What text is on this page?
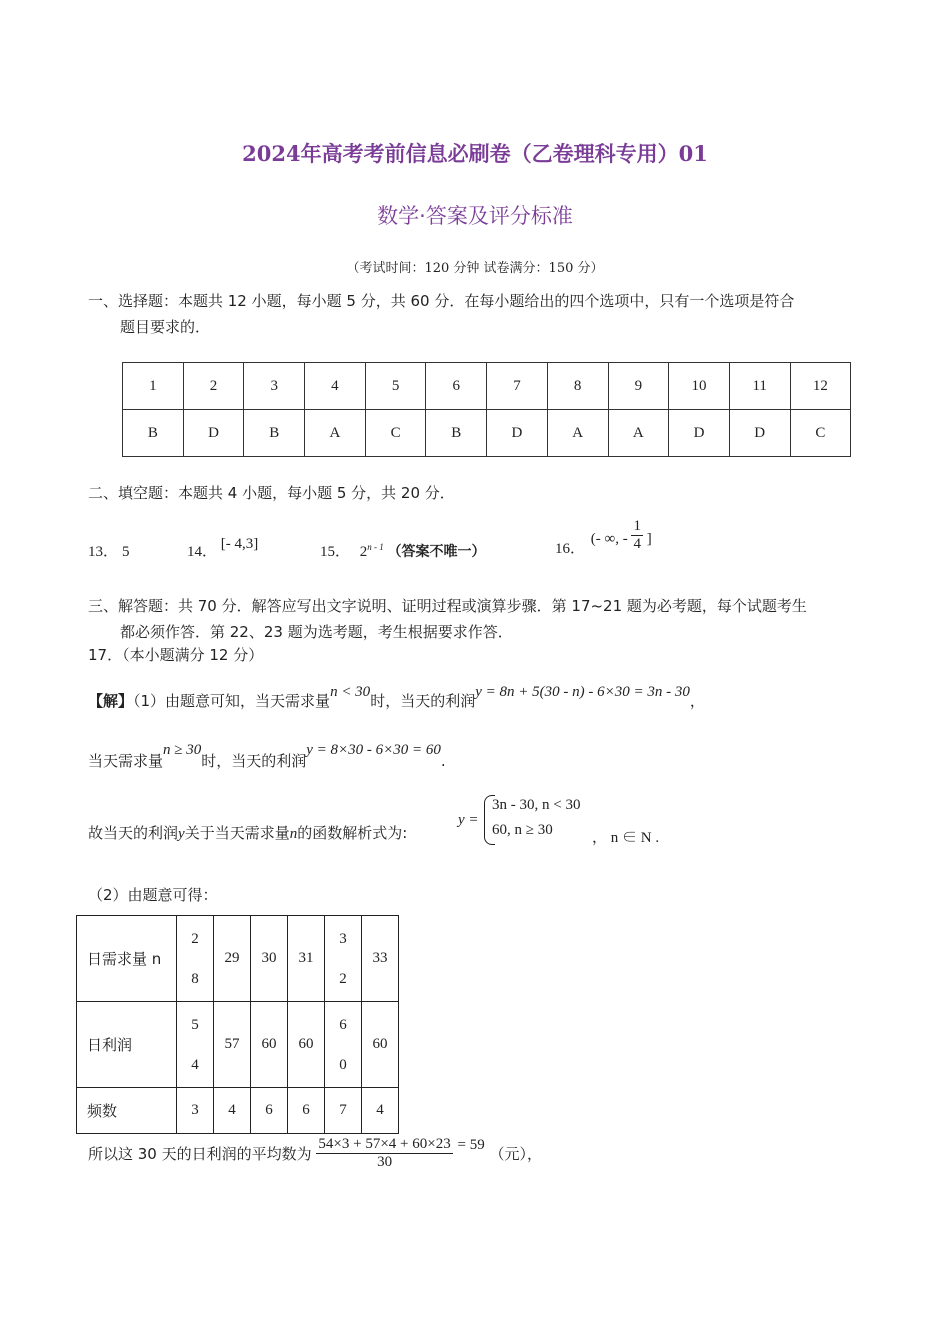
2024年高考考前信息必刷卷（乙卷理科专用）01
数学·答案及评分标准
（考试时间：120 分钟 试卷满分：150 分）
一、选择题：本题共 12 小题，每小题 5 分，共 60 分．在每小题给出的四个选项中，只有一个选项是符合
题目要求的．
1	2	3	4	5	6	7	8	9	10	11	12
B	D	B	A	C	B	D	A	A	D	D	C
二、填空题：本题共 4 小题，每小题 5 分，共 20 分．
13． 5	14． [- 4,3]	15． 2$^{n - 1}$ （答案不唯一）	16． (- ∞, - $\frac{1}{4}$ ]
三、解答题：共 70 分．解答应写出文字说明、证明过程或演算步骤．第 17~21 题为必考题，每个试题考生
都必须作答．第 22、23 题为选考题，考生根据要求作答．
17．（本小题满分 12 分）
【解】（1）由题意可知，当天需求量n < 30时，当天的利润y = 8n + 5(30 - n) - 6×30 = 3n - 30，
当天需求量n ≥ 30时，当天的利润y = 8×30 - 6×30 = 60.
故当天的利润y关于当天需求量n的函数解析式为:
y =
3n - 30, n < 30
60, n ≥ 30	， n ∈ N .
（2）由题意可得：
日需求量 n	28	29	30	31	32	33
日利润	54	57	60	60	60	60
频数	3	4	6	6	7	4
所以这 30 天的日利润的平均数为 $\frac{54\times 3 + 57\times 4 + 60\times 23}{30} = 59$ （元），
